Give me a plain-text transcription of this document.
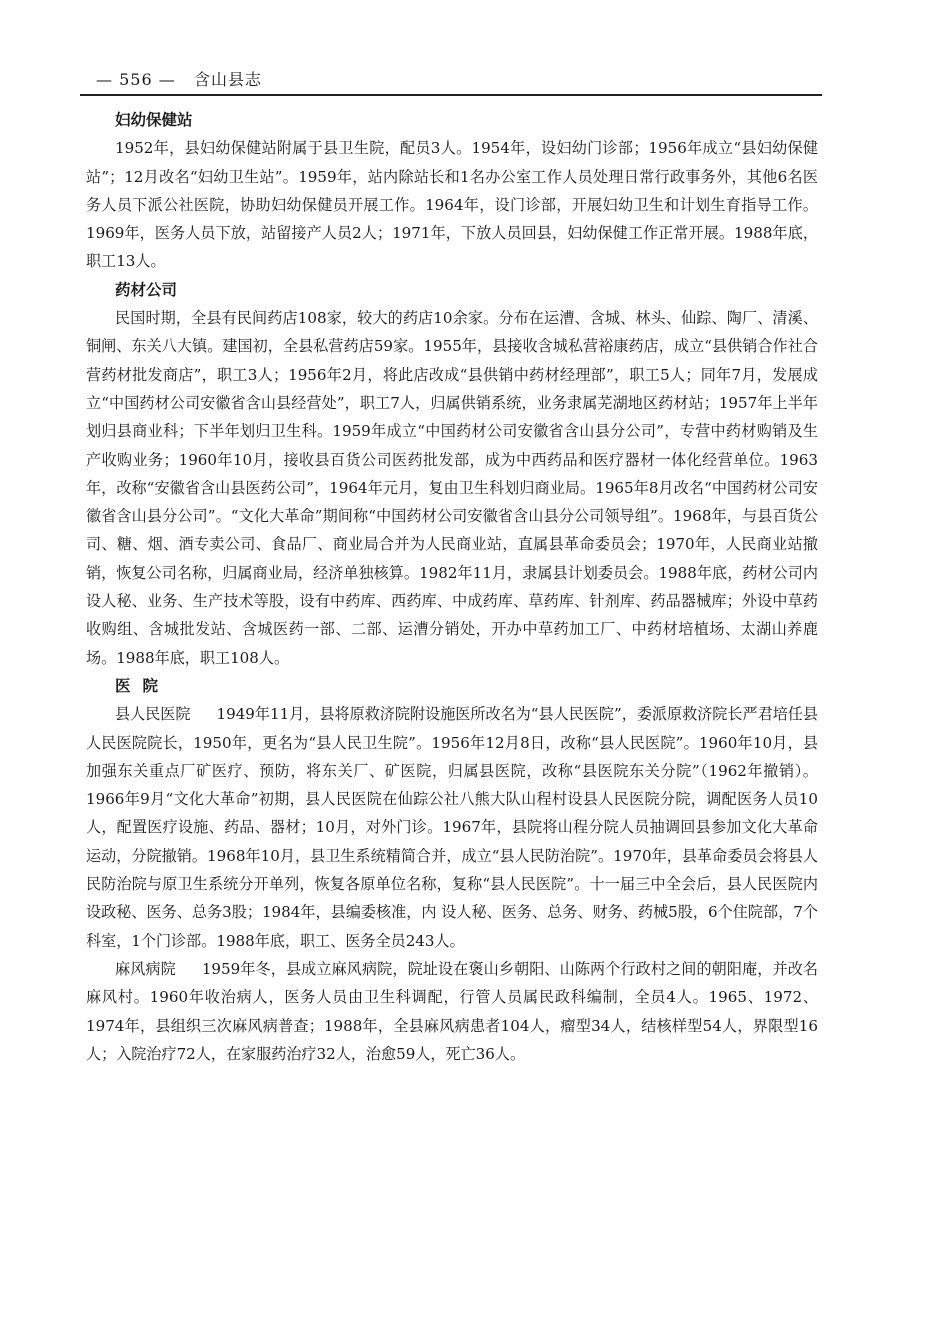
— 556 — 含山县志

妇幼保健站

1952年，县妇幼保健站附属于县卫生院，配员3人。1954年，设妇幼门诊部；1956年成立“县妇幼保健站”；12月改名“妇幼卫生站”。1959年，站内除站长和1名办公室工作人员处理日常行政事务外，其他6名医务人员下派公社医院，协助妇幼保健员开展工作。1964年，设门诊部，开展妇幼卫生和计划生育指导工作。1969年，医务人员下放，站留接产人员2人；1971年，下放人员回县，妇幼保健工作正常开展。1988年底，职工13人。

药材公司

民国时期，全县有民间药店108家，较大的药店10余家。分布在运漕、含城、林头、仙踪、陶厂、清溪、铜闸、东关八大镇。建国初，全县私营药店59家。1955年，县接收含城私营裕康药店，成立“县供销合作社合营药材批发商店”，职工3人；1956年2月，将此店改成“县供销中药材经理部”，职工5人；同年7月，发展成立“中国药材公司安徽省含山县经营处”，职工7人，归属供销系统，业务隶属芜湖地区药材站；1957年上半年划归县商业科；下半年划归卫生科。1959年成立“中国药材公司安徽省含山县分公司”，专营中药材购销及生产收购业务；1960年10月，接收县百货公司医药批发部，成为中西药品和医疗器材一体化经营单位。1963年，改称“安徽省含山县医药公司”，1964年元月，复由卫生科划归商业局。1965年8月改名“中国药材公司安徽省含山县分公司”。“文化大革命”期间称“中国药材公司安徽省含山县分公司领导组”。1968年，与县百货公司、糖、烟、酒专卖公司、食品厂、商业局合并为人民商业站，直属县革命委员会；1970年，人民商业站撤销，恢复公司名称，归属商业局，经济单独核算。1982年11月，隶属县计划委员会。1988年底，药材公司内设人秘、业务、生产技术等股，设有中药库、西药库、中成药库、草药库、针剂库、药品器械库；外设中草药收购组、含城批发站、含城医药一部、二部、运漕分销处，开办中草药加工厂、中药材培植场、太湖山养鹿场。1988年底，职工108人。

医院

县人民医院 1949年11月，县将原救济院附设施医所改名为“县人民医院”，委派原救济院长严君培任县人民医院院长，1950年，更名为“县人民卫生院”。1956年12月8日，改称“县人民医院”。1960年10月，县加强东关重点厂矿医疗、预防，将东关厂、矿医院，归属县医院，改称“县医院东关分院”（1962年撤销）。1966年9月“文化大革命”初期，县人民医院在仙踪公社八熊大队山程村设县人民医院分院，调配医务人员10人，配置医疗设施、药品、器材；10月，对外门诊。1967年，县院将山程分院人员抽调回县参加文化大革命运动，分院撤销。1968年10月，县卫生系统精简合并，成立“县人民防治院”。1970年，县革命委员会将县人民防治院与原卫生系统分开单列，恢复各原单位名称，复称“县人民医院”。十一届三中全会后，县人民医院内设政秘、医务、总务3股；1984年，县编委核准，内 设人秘、医务、总务、财务、药械5股，6个住院部，7个科室，1个门诊部。1988年底，职工、医务全员243人。

麻风病院 1959年冬，县成立麻风病院，院址设在褒山乡朝阳、山陈两个行政村之间的朝阳庵，并改名麻风村。1960年收治病人，医务人员由卫生科调配，行管人员属民政科编制，全员4人。1965、1972、1974年，县组织三次麻风病普查；1988年，全县麻风病患者104人，瘤型34人，结核样型54人，界限型16人；入院治疗72人，在家服药治疗32人，治愈59人，死亡36人。
